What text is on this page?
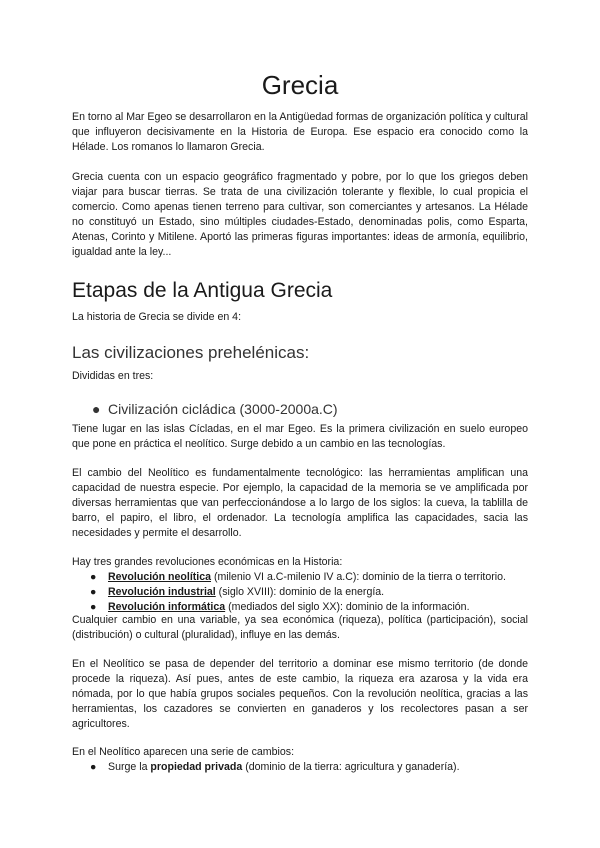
Grecia

En torno al Mar Egeo se desarrollaron en la Antigüedad formas de organización política y cultural que influyeron decisivamente en la Historia de Europa. Ese espacio era conocido como la Hélade. Los romanos lo llamaron Grecia.

Grecia cuenta con un espacio geográfico fragmentado y pobre, por lo que los griegos deben viajar para buscar tierras. Se trata de una civilización tolerante y flexible, lo cual propicia el comercio. Como apenas tienen terreno para cultivar, son comerciantes y artesanos. La Hélade no constituyó un Estado, sino múltiples ciudades-Estado, denominadas polis, como Esparta, Atenas, Corinto y Mitilene. Aportó las primeras figuras importantes: ideas de armonía, equilibrio, igualdad ante la ley...

Etapas de la Antigua Grecia

La historia de Grecia se divide en 4:

Las civilizaciones prehelénicas:

Divididas en tres:

● Civilización cicládica (3000-2000a.C)

Tiene lugar en las islas Cícladas, en el mar Egeo. Es la primera civilización en suelo europeo que pone en práctica el neolítico. Surge debido a un cambio en las tecnologías.

El cambio del Neolítico es fundamentalmente tecnológico: las herramientas amplifican una capacidad de nuestra especie. Por ejemplo, la capacidad de la memoria se ve amplificada por diversas herramientas que van perfeccionándose a lo largo de los siglos: la cueva, la tablilla de barro, el papiro, el libro, el ordenador. La tecnología amplifica las capacidades, sacia las necesidades y permite el desarrollo.

Hay tres grandes revoluciones económicas en la Historia:

● Revolución neolítica (milenio VI a.C-milenio IV a.C): dominio de la tierra o territorio.
● Revolución industrial (siglo XVIII): dominio de la energía.
● Revolución informática (mediados del siglo XX): dominio de la información.

Cualquier cambio en una variable, ya sea económica (riqueza), política (participación), social (distribución) o cultural (pluralidad), influye en las demás.

En el Neolítico se pasa de depender del territorio a dominar ese mismo territorio (de donde procede la riqueza). Así pues, antes de este cambio, la riqueza era azarosa y la vida era nómada, por lo que había grupos sociales pequeños. Con la revolución neolítica, gracias a las herramientas, los cazadores se convierten en ganaderos y los recolectores pasan a ser agricultores.

En el Neolítico aparecen una serie de cambios:

● Surge la propiedad privada (dominio de la tierra: agricultura y ganadería).
